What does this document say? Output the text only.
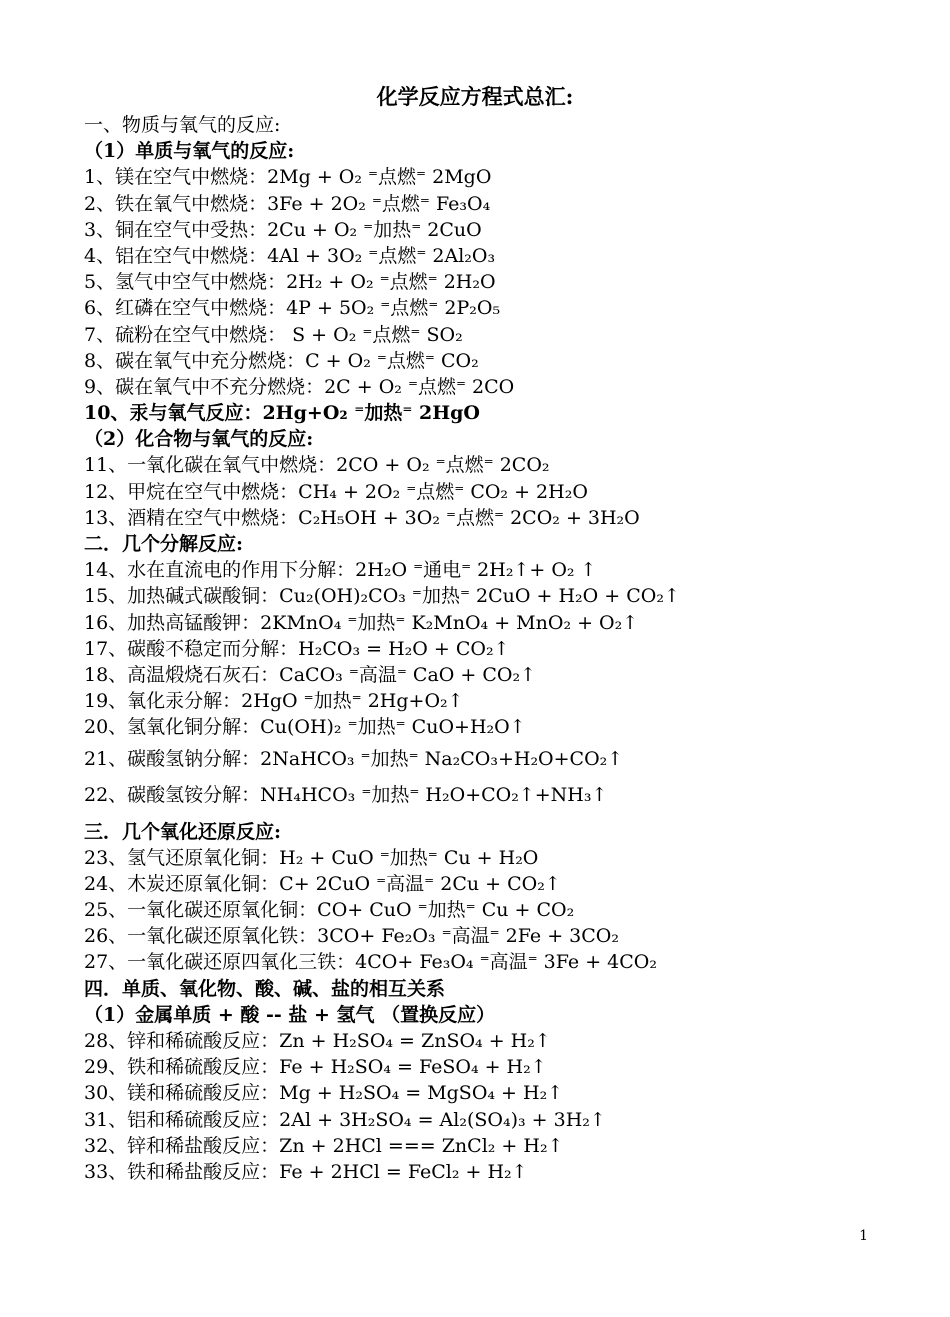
化学反应方程式总汇:
一、物质与氧气的反应:
（1）单质与氧气的反应:
1、镁在空气中燃烧：2Mg + O₂ ⁼点燃⁼ 2MgO
2、铁在氧气中燃烧：3Fe + 2O₂ ⁼点燃⁼ Fe₃O₄
3、铜在空气中受热：2Cu + O₂ ⁼加热⁼ 2CuO
4、铝在空气中燃烧：4Al + 3O₂ ⁼点燃⁼ 2Al₂O₃
5、氢气中空气中燃烧：2H₂ + O₂ ⁼点燃⁼ 2H₂O
6、红磷在空气中燃烧：4P + 5O₂ ⁼点燃⁼ 2P₂O₅
7、硫粉在空气中燃烧： S + O₂ ⁼点燃⁼ SO₂
8、碳在氧气中充分燃烧：C + O₂ ⁼点燃⁼ CO₂
9、碳在氧气中不充分燃烧：2C + O₂ ⁼点燃⁼ 2CO
10、汞与氧气反应：2Hg+O₂ ⁼加热⁼ 2HgO
（2）化合物与氧气的反应:
11、一氧化碳在氧气中燃烧：2CO + O₂ ⁼点燃⁼ 2CO₂
12、甲烷在空气中燃烧：CH₄ + 2O₂ ⁼点燃⁼ CO₂ + 2H₂O
13、酒精在空气中燃烧：C₂H₅OH + 3O₂ ⁼点燃⁼ 2CO₂ + 3H₂O
二．几个分解反应:
14、水在直流电的作用下分解：2H₂O ⁼通电⁼ 2H₂↑+ O₂ ↑
15、加热碱式碳酸铜：Cu₂(OH)₂CO₃ ⁼加热⁼ 2CuO + H₂O + CO₂↑
16、加热高锰酸钾：2KMnO₄ ⁼加热⁼ K₂MnO₄ + MnO₂ + O₂↑
17、碳酸不稳定而分解：H₂CO₃ = H₂O + CO₂↑
18、高温煅烧石灰石：CaCO₃ ⁼高温⁼ CaO + CO₂↑
19、氧化汞分解：2HgO ⁼加热⁼ 2Hg+O₂↑
20、氢氧化铜分解：Cu(OH)₂ ⁼加热⁼ CuO+H₂O↑
21、碳酸氢钠分解：2NaHCO₃ ⁼加热⁼ Na₂CO₃+H₂O+CO₂↑
22、碳酸氢铵分解：NH₄HCO₃ ⁼加热⁼ H₂O+CO₂↑+NH₃↑
三．几个氧化还原反应:
23、氢气还原氧化铜：H₂ + CuO ⁼加热⁼ Cu + H₂O
24、木炭还原氧化铜：C+ 2CuO ⁼高温⁼ 2Cu + CO₂↑
25、一氧化碳还原氧化铜：CO+ CuO ⁼加热⁼ Cu + CO₂
26、一氧化碳还原氧化铁：3CO+ Fe₂O₃ ⁼高温⁼ 2Fe + 3CO₂
27、一氧化碳还原四氧化三铁：4CO+ Fe₃O₄ ⁼高温⁼ 3Fe + 4CO₂
四．单质、氧化物、酸、碱、盐的相互关系
（1）金属单质 + 酸 -- 盐 + 氢气 （置换反应）
28、锌和稀硫酸反应：Zn + H₂SO₄ = ZnSO₄ + H₂↑
29、铁和稀硫酸反应：Fe + H₂SO₄ = FeSO₄ + H₂↑
30、镁和稀硫酸反应：Mg + H₂SO₄ = MgSO₄ + H₂↑
31、铝和稀硫酸反应：2Al + 3H₂SO₄ = Al₂(SO₄)₃ + 3H₂↑
32、锌和稀盐酸反应：Zn + 2HCl === ZnCl₂ + H₂↑
33、铁和稀盐酸反应：Fe + 2HCl = FeCl₂ + H₂↑
1
